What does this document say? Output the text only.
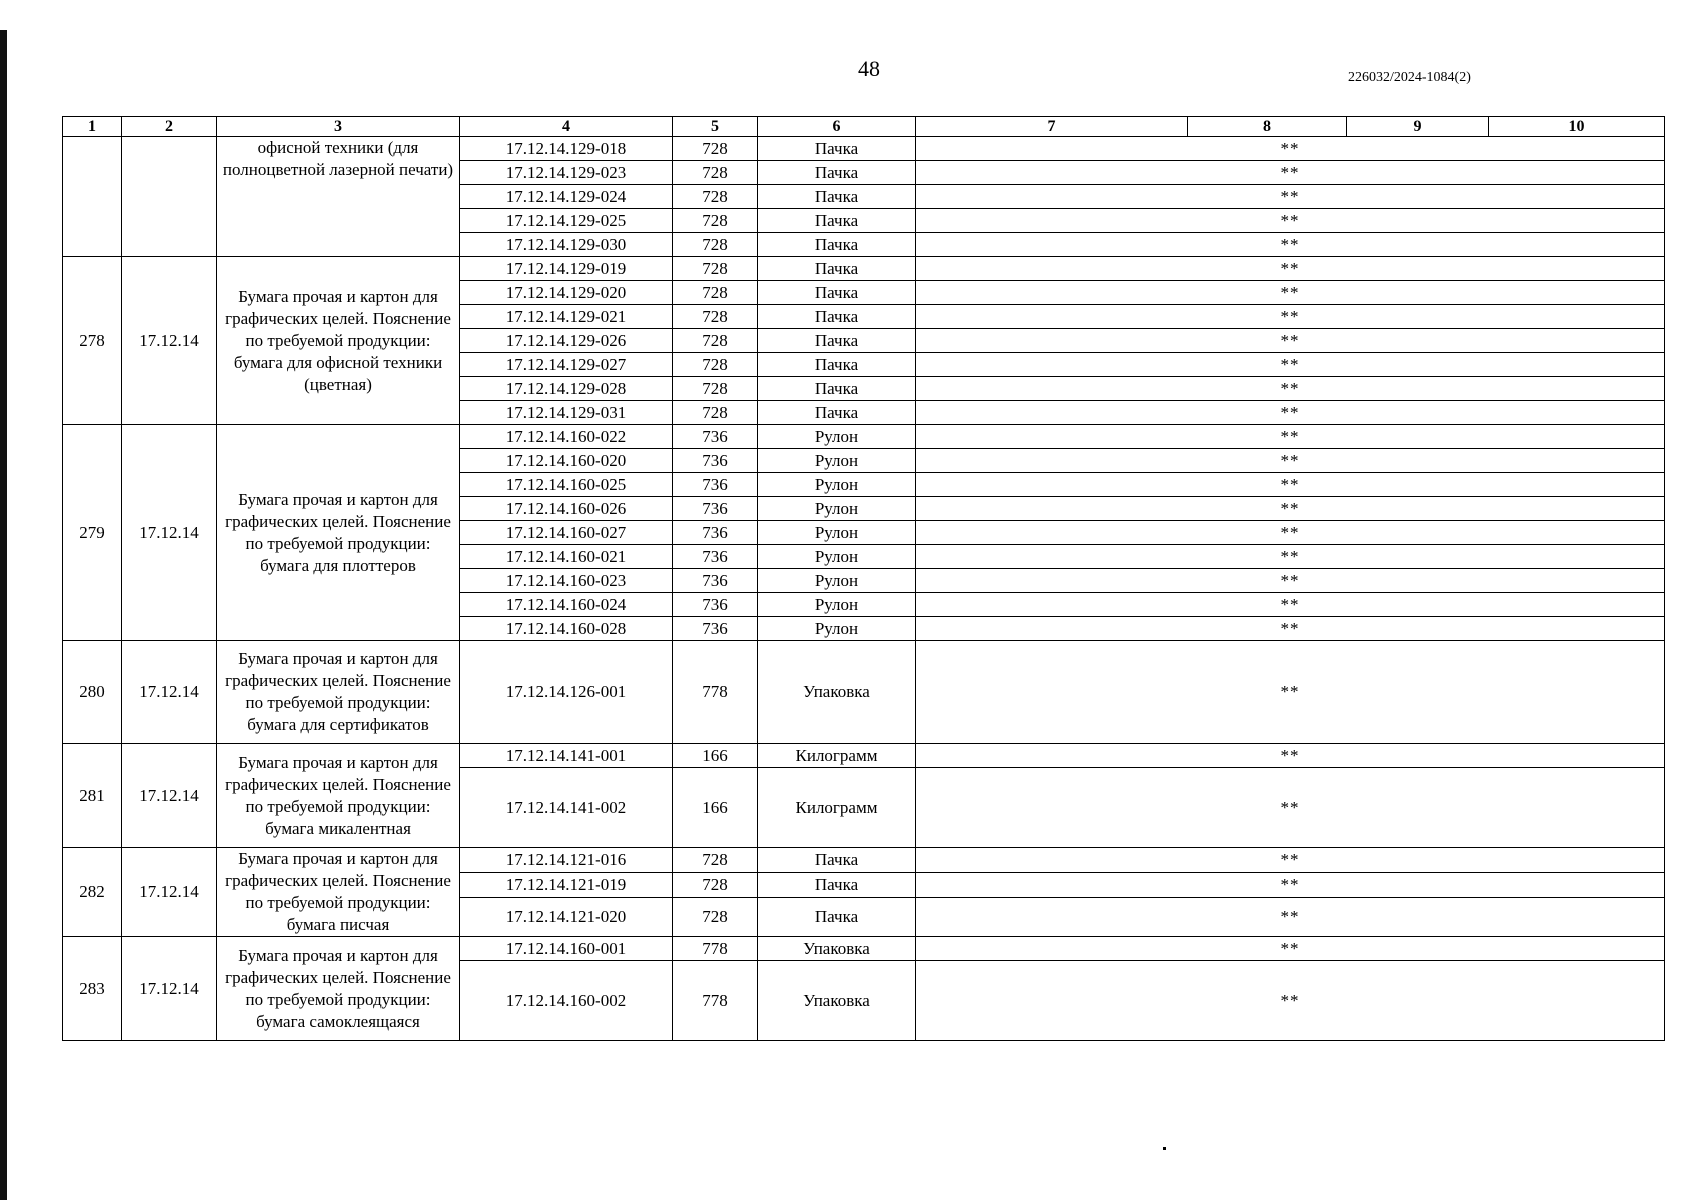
48	226032/2024-1084(2)
1	2	3	4	5	6	7	8	9	10
		офисной техники (для полноцветной лазерной печати)	17.12.14.129-018	728	Пачка	**			
			17.12.14.129-023	728	Пачка	**			
			17.12.14.129-024	728	Пачка	**			
			17.12.14.129-025	728	Пачка	**			
			17.12.14.129-030	728	Пачка	**			
278	17.12.14	Бумага прочая и картон для графических целей. Пояснение по требуемой продукции: бумага для офисной техники (цветная)	17.12.14.129-019	728	Пачка	**			
			17.12.14.129-020	728	Пачка	**			
			17.12.14.129-021	728	Пачка	**			
			17.12.14.129-026	728	Пачка	**			
			17.12.14.129-027	728	Пачка	**			
			17.12.14.129-028	728	Пачка	**			
			17.12.14.129-031	728	Пачка	**			
279	17.12.14	Бумага прочая и картон для графических целей. Пояснение по требуемой продукции: бумага для плоттеров	17.12.14.160-022	736	Рулон	**			
			17.12.14.160-020	736	Рулон	**			
			17.12.14.160-025	736	Рулон	**			
			17.12.14.160-026	736	Рулон	**			
			17.12.14.160-027	736	Рулон	**			
			17.12.14.160-021	736	Рулон	**			
			17.12.14.160-023	736	Рулон	**			
			17.12.14.160-024	736	Рулон	**			
			17.12.14.160-028	736	Рулон	**			
280	17.12.14	Бумага прочая и картон для графических целей. Пояснение по требуемой продукции: бумага для сертификатов	17.12.14.126-001	778	Упаковка	**			
281	17.12.14	Бумага прочая и картон для графических целей. Пояснение по требуемой продукции: бумага микалентная	17.12.14.141-001	166	Килограмм	**			
			17.12.14.141-002	166	Килограмм	**			
282	17.12.14	Бумага прочая и картон для графических целей. Пояснение по требуемой продукции: бумага писчая	17.12.14.121-016	728	Пачка	**			
			17.12.14.121-019	728	Пачка	**			
			17.12.14.121-020	728	Пачка	**			
283	17.12.14	Бумага прочая и картон для графических целей. Пояснение по требуемой продукции: бумага самоклеящаяся	17.12.14.160-001	778	Упаковка	**			
			17.12.14.160-002	778	Упаковка	**			
